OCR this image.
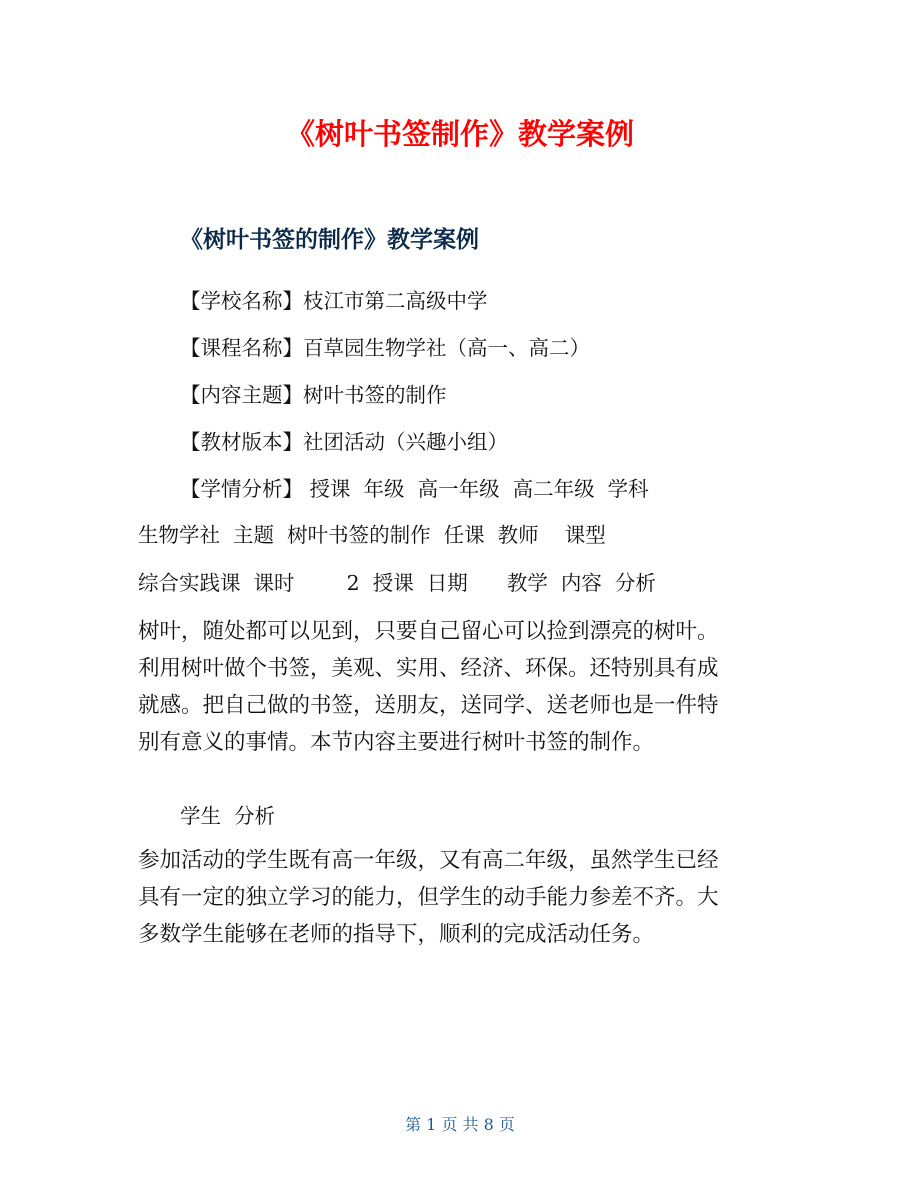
《树叶书签制作》教学案例
《树叶书签的制作》教学案例

【学校名称】枝江市第二高级中学

【课程名称】百草园生物学社（高一、高二）

【内容主题】树叶书签的制作

【教材版本】社团活动（兴趣小组）

【学情分析】 授课  年级  高一年级  高二年级  学科

生物学社  主题  树叶书签的制作  任课  教师    课型

综合实践课  课时        2  授课  日期      教学  内容  分析

树叶，随处都可以见到，只要自己留心可以捡到漂亮的树叶。
利用树叶做个书签，美观、实用、经济、环保。还特别具有成
就感。把自己做的书签，送朋友，送同学、送老师也是一件特
别有意义的事情。本节内容主要进行树叶书签的制作。

学生  分析

参加活动的学生既有高一年级，又有高二年级，虽然学生已经
具有一定的独立学习的能力，但学生的动手能力参差不齐。大
多数学生能够在老师的指导下，顺利的完成活动任务。

第 1 页 共 8 页
